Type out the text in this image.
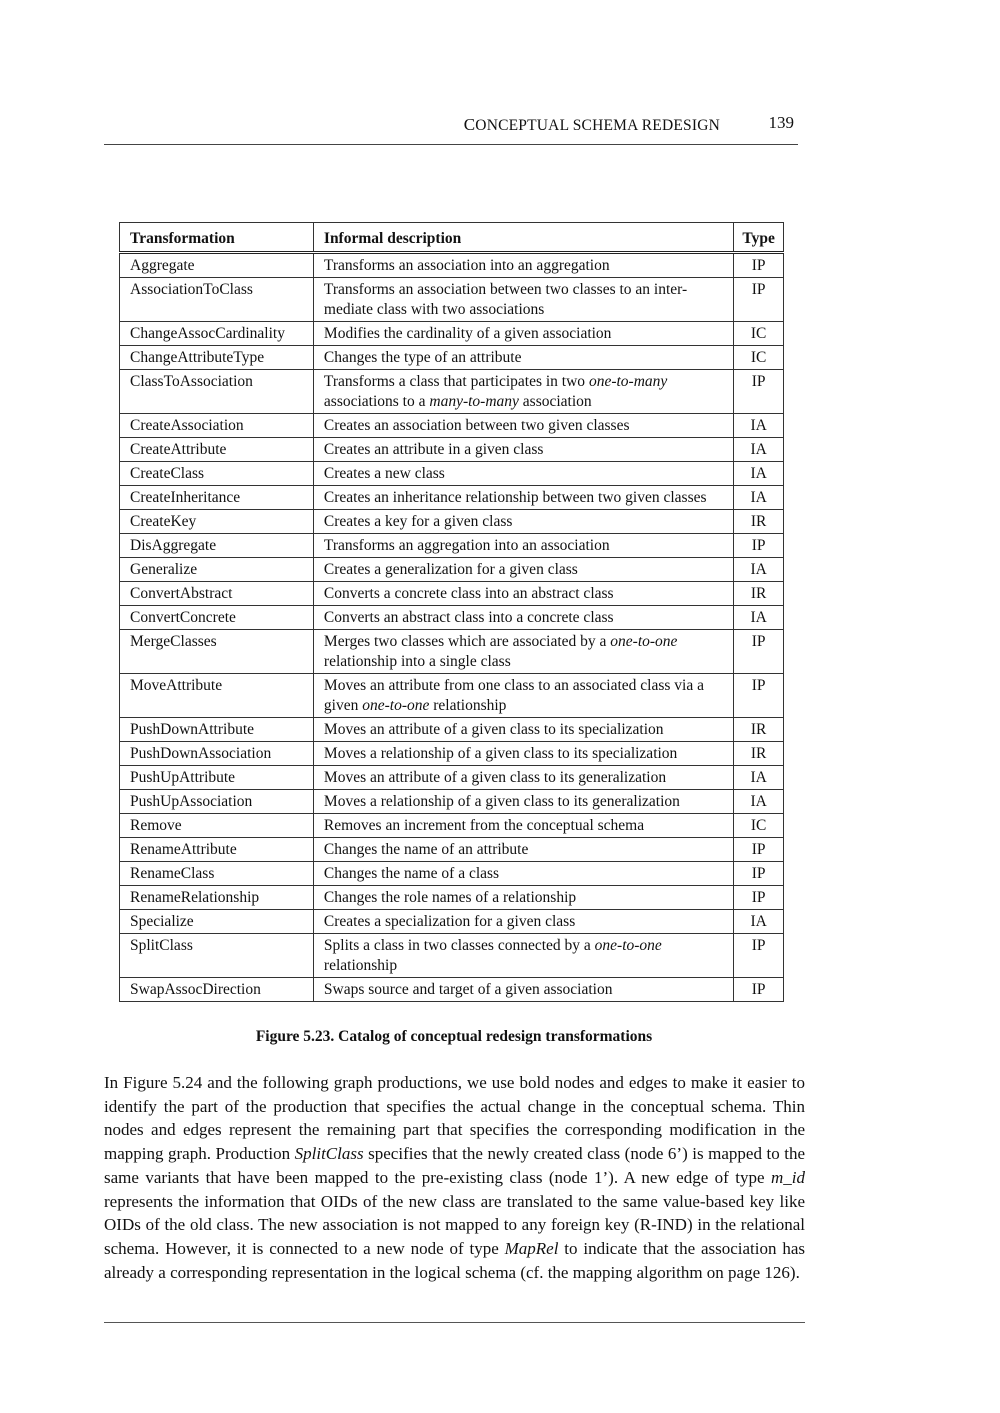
CONCEPTUAL SCHEMA REDESIGN	139
Transformation	Informal description	Type
Aggregate	Transforms an association into an aggregation	IP
AssociationToClass	Transforms an association between two classes to an inter-mediate class with two associations	IP
ChangeAssocCardinality	Modifies the cardinality of a given association	IC
ChangeAttributeType	Changes the type of an attribute	IC
ClassToAssociation	Transforms a class that participates in two one-to-many associations to a many-to-many association	IP
CreateAssociation	Creates an association between two given classes	IA
CreateAttribute	Creates an attribute in a given class	IA
CreateClass	Creates a new class	IA
CreateInheritance	Creates an inheritance relationship between two given classes	IA
CreateKey	Creates a key for a given class	IR
DisAggregate	Transforms an aggregation into an association	IP
Generalize	Creates a generalization for a given class	IA
ConvertAbstract	Converts a concrete class into an abstract class	IR
ConvertConcrete	Converts an abstract class into a concrete class	IA
MergeClasses	Merges two classes which are associated by a one-to-one relationship into a single class	IP
MoveAttribute	Moves an attribute from one class to an associated class via a given one-to-one relationship	IP
PushDownAttribute	Moves an attribute of a given class to its specialization	IR
PushDownAssociation	Moves a relationship of a given class to its specialization	IR
PushUpAttribute	Moves an attribute of a given class to its generalization	IA
PushUpAssociation	Moves a relationship of a given class to its generalization	IA
Remove	Removes an increment from the conceptual schema	IC
RenameAttribute	Changes the name of an attribute	IP
RenameClass	Changes the name of a class	IP
RenameRelationship	Changes the role names of a relationship	IP
Specialize	Creates a specialization for a given class	IA
SplitClass	Splits a class in two classes connected by a one-to-one relationship	IP
SwapAssocDirection	Swaps source and target of a given association	IP
Figure 5.23. Catalog of conceptual redesign transformations

In Figure 5.24 and the following graph productions, we use bold nodes and edges to make it easier to identify the part of the production that specifies the actual change in the conceptual schema. Thin nodes and edges represent the remaining part that specifies the corresponding modification in the mapping graph. Production SplitClass specifies that the newly created class (node 6’) is mapped to the same variants that have been mapped to the pre-existing class (node 1’). A new edge of type m_id represents the information that OIDs of the new class are translated to the same value-based key like OIDs of the old class. The new association is not mapped to any foreign key (R-IND) in the relational schema. However, it is connected to a new node of type MapRel to indicate that the association has already a corresponding representation in the logical schema (cf. the mapping algorithm on page 126).
